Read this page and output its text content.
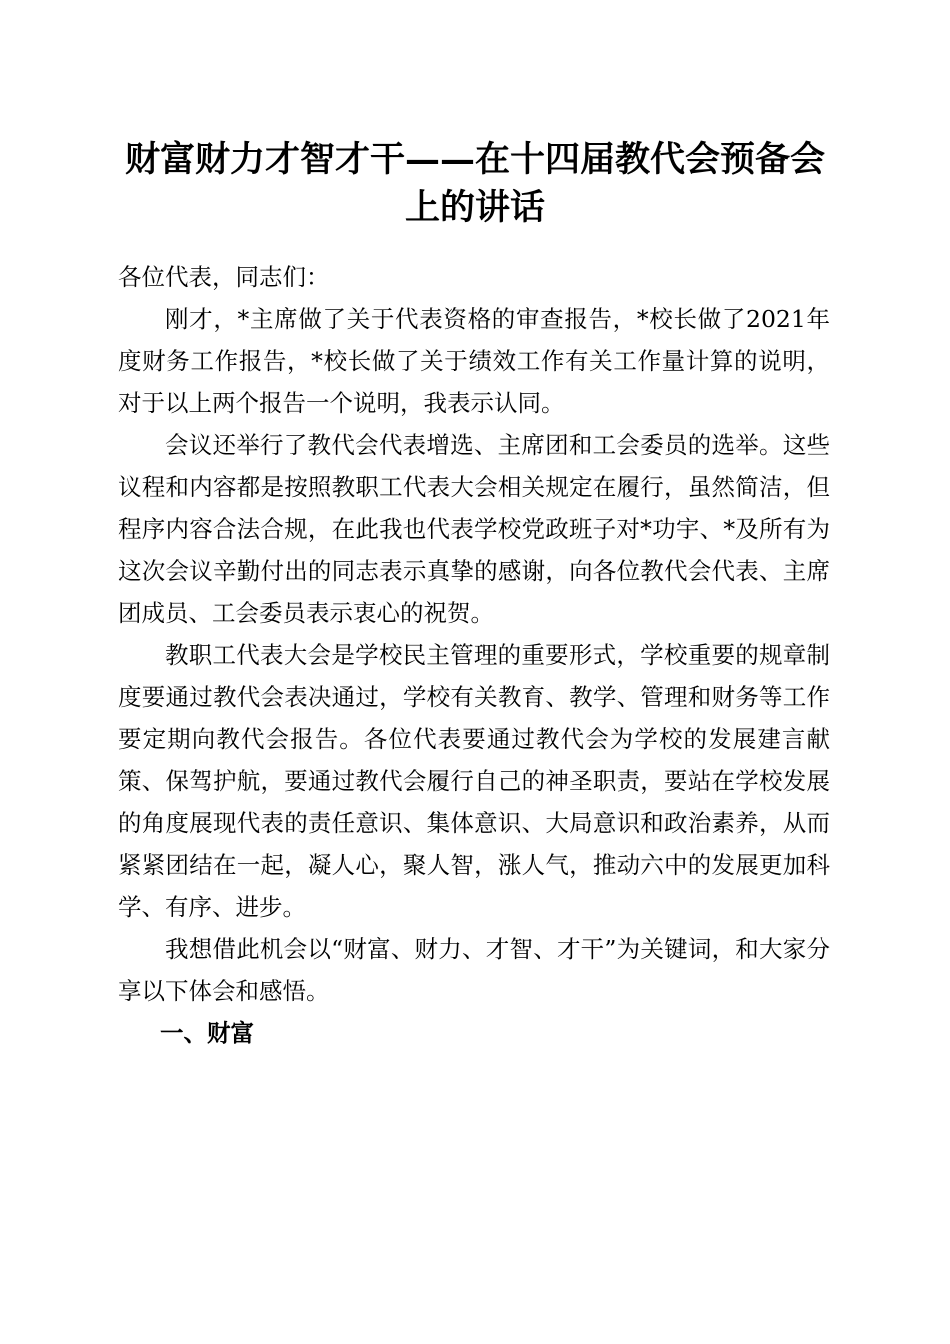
财富财力才智才干——在十四届教代会预备会
上的讲话

各位代表，同志们：

刚才，*主席做了关于代表资格的审查报告，*校长做了2021年度财务工作报告，*校长做了关于绩效工作有关工作量计算的说明，对于以上两个报告一个说明，我表示认同。

会议还举行了教代会代表增选、主席团和工会委员的选举。这些议程和内容都是按照教职工代表大会相关规定在履行，虽然简洁，但程序内容合法合规，在此我也代表学校党政班子对*功宇、*及所有为这次会议辛勤付出的同志表示真挚的感谢，向各位教代会代表、主席团成员、工会委员表示衷心的祝贺。

教职工代表大会是学校民主管理的重要形式，学校重要的规章制度要通过教代会表决通过，学校有关教育、教学、管理和财务等工作要定期向教代会报告。各位代表要通过教代会为学校的发展建言献策、保驾护航，要通过教代会履行自己的神圣职责，要站在学校发展的角度展现代表的责任意识、集体意识、大局意识和政治素养，从而紧紧团结在一起，凝人心，聚人智，涨人气，推动六中的发展更加科学、有序、进步。

我想借此机会以“财富、财力、才智、才干”为关键词，和大家分享以下体会和感悟。

一、财富
